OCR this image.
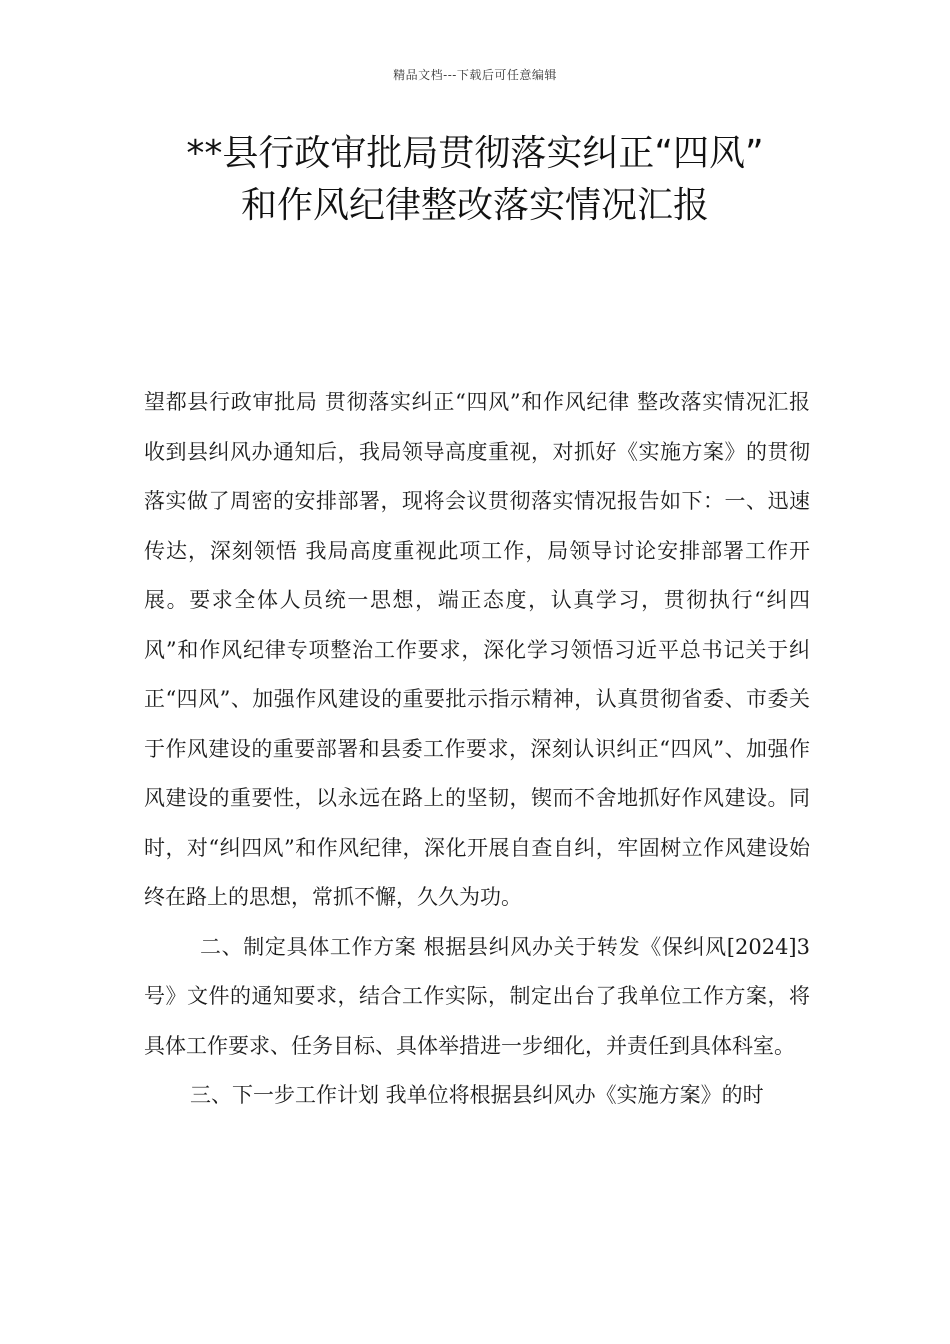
精品文档---下载后可任意编辑
**县行政审批局贯彻落实纠正“四风”
和作风纪律整改落实情况汇报

望都县行政审批局 贯彻落实纠正“四风”和作风纪律 整改落实情况汇报 收到县纠风办通知后，我局领导高度重视，对抓好《实施方案》的贯彻落实做了周密的安排部署，现将会议贯彻落实情况报告如下：一、迅速传达，深刻领悟 我局高度重视此项工作，局领导讨论安排部署工作开展。要求全体人员统一思想，端正态度，认真学习，贯彻执行“纠四风”和作风纪律专项整治工作要求，深化学习领悟习近平总书记关于纠正“四风”、加强作风建设的重要批示指示精神，认真贯彻省委、市委关于作风建设的重要部署和县委工作要求，深刻认识纠正“四风”、加强作风建设的重要性，以永远在路上的坚韧，锲而不舍地抓好作风建设。同时，对“纠四风”和作风纪律，深化开展自查自纠，牢固树立作风建设始终在路上的思想，常抓不懈，久久为功。

二、制定具体工作方案 根据县纠风办关于转发《保纠风[2024]3 号》文件的通知要求，结合工作实际，制定出台了我单位工作方案，将具体工作要求、任务目标、具体举措进一步细化，并责任到具体科室。

三、下一步工作计划 我单位将根据县纠风办《实施方案》的时
